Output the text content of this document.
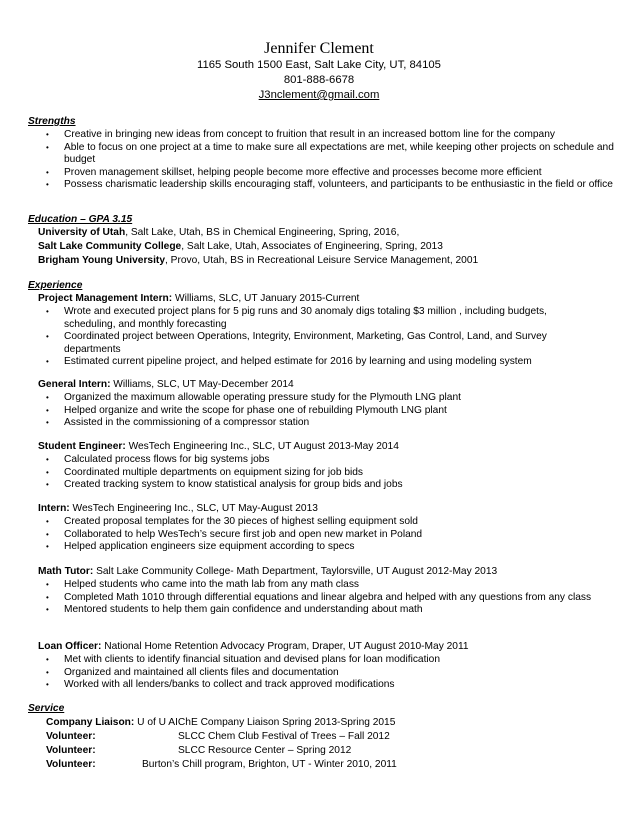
Jennifer Clement
1165 South 1500 East, Salt Lake City, UT, 84105
801-888-6678
J3nclement@gmail.com
Strengths
• Creative in bringing new ideas from concept to fruition that result in an increased bottom line for the company
• Able to focus on one project at a time to make sure all expectations are met, while keeping other projects on schedule and budget
• Proven management skillset, helping people become more effective and processes become more efficient
• Possess charismatic leadership skills encouraging staff, volunteers, and participants to be enthusiastic in the field or office
Education – GPA 3.15
University of Utah, Salt Lake, Utah, BS in Chemical Engineering, Spring, 2016,
Salt Lake Community College, Salt Lake, Utah, Associates of Engineering, Spring, 2013
Brigham Young University, Provo, Utah, BS in Recreational Leisure Service Management, 2001
Experience
Project Management Intern: Williams, SLC, UT January 2015-Current
• Wrote and executed project plans for 5 pig runs and 30 anomaly digs totaling $3 million , including budgets, scheduling, and monthly forecasting
• Coordinated project between Operations, Integrity, Environment, Marketing, Gas Control, Land, and Survey departments
• Estimated current pipeline project, and helped estimate for 2016 by learning and using modeling system
General Intern: Williams, SLC, UT May-December 2014
• Organized the maximum allowable operating pressure study for the Plymouth LNG plant
• Helped organize and write the scope for phase one of rebuilding Plymouth LNG plant
• Assisted in the commissioning of a compressor station
Student Engineer: WesTech Engineering Inc., SLC, UT August 2013-May 2014
• Calculated process flows for big systems jobs
• Coordinated multiple departments on equipment sizing for job bids
• Created tracking system to know statistical analysis for group bids and jobs
Intern: WesTech Engineering Inc., SLC, UT May-August 2013
• Created proposal templates for the 30 pieces of highest selling equipment sold
• Collaborated to help WesTech’s secure first job and open new market in Poland
• Helped application engineers size equipment according to specs
Math Tutor: Salt Lake Community College- Math Department, Taylorsville, UT August 2012-May 2013
• Helped students who came into the math lab from any math class
• Completed Math 1010 through differential equations and linear algebra and helped with any questions from any class
• Mentored students to help them gain confidence and understanding about math
Loan Officer: National Home Retention Advocacy Program, Draper, UT August 2010-May 2011
• Met with clients to identify financial situation and devised plans for loan modification
• Organized and maintained all clients files and documentation
• Worked with all lenders/banks to collect and track approved modifications
Service
Company Liaison: U of U AIChE Company Liaison Spring 2013-Spring 2015
Volunteer:	SLCC Chem Club Festival of Trees – Fall 2012
Volunteer:	SLCC Resource Center – Spring 2012
Volunteer:	Burton’s Chill program, Brighton, UT - Winter 2010, 2011
